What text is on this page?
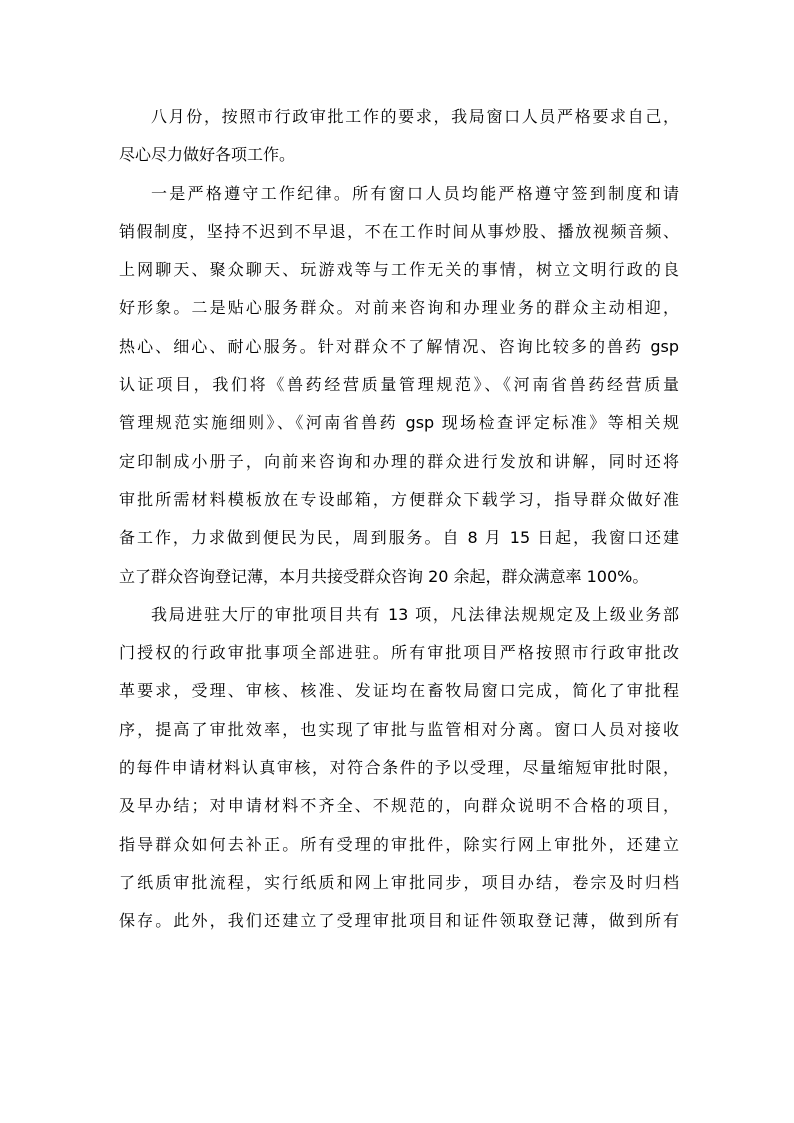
八月份，按照市行政审批工作的要求，我局窗口人员严格要求自己，
尽心尽力做好各项工作。
一是严格遵守工作纪律。所有窗口人员均能严格遵守签到制度和请
销假制度，坚持不迟到不早退，不在工作时间从事炒股、播放视频音频、
上网聊天、聚众聊天、玩游戏等与工作无关的事情，树立文明行政的良
好形象。二是贴心服务群众。对前来咨询和办理业务的群众主动相迎，
热心、细心、耐心服务。针对群众不了解情况、咨询比较多的兽药 gsp
认证项目，我们将《兽药经营质量管理规范》、《河南省兽药经营质量
管理规范实施细则》、《河南省兽药 gsp 现场检查评定标准》等相关规
定印制成小册子，向前来咨询和办理的群众进行发放和讲解，同时还将
审批所需材料模板放在专设邮箱，方便群众下载学习，指导群众做好准
备工作，力求做到便民为民，周到服务。自 8 月 15 日起，我窗口还建
立了群众咨询登记薄，本月共接受群众咨询 20 余起，群众满意率 100%。
我局进驻大厅的审批项目共有 13 项，凡法律法规规定及上级业务部
门授权的行政审批事项全部进驻。所有审批项目严格按照市行政审批改
革要求，受理、审核、核准、发证均在畜牧局窗口完成，简化了审批程
序，提高了审批效率，也实现了审批与监管相对分离。窗口人员对接收
的每件申请材料认真审核，对符合条件的予以受理，尽量缩短审批时限，
及早办结；对申请材料不齐全、不规范的，向群众说明不合格的项目，
指导群众如何去补正。所有受理的审批件，除实行网上审批外，还建立
了纸质审批流程，实行纸质和网上审批同步，项目办结，卷宗及时归档
保存。此外，我们还建立了受理审批项目和证件领取登记薄，做到所有
